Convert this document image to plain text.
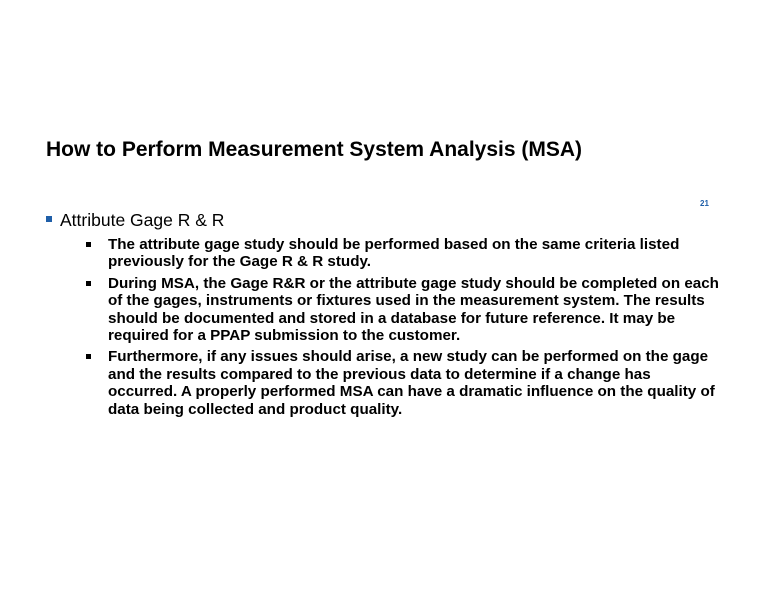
How to Perform Measurement System Analysis (MSA)
21
Attribute Gage R & R
The attribute gage study should be performed based on the same criteria listed previously for the Gage R & R study.
During MSA, the Gage R&R or the attribute gage study should be completed on each of the gages, instruments or fixtures used in the measurement system. The results should be documented and stored in a database for future reference. It may be required for a PPAP submission to the customer.
Furthermore, if any issues should arise, a new study can be performed on the gage and the results compared to the previous data to determine if a change has occurred. A properly performed MSA can have a dramatic influence on the quality of data being collected and product quality.
